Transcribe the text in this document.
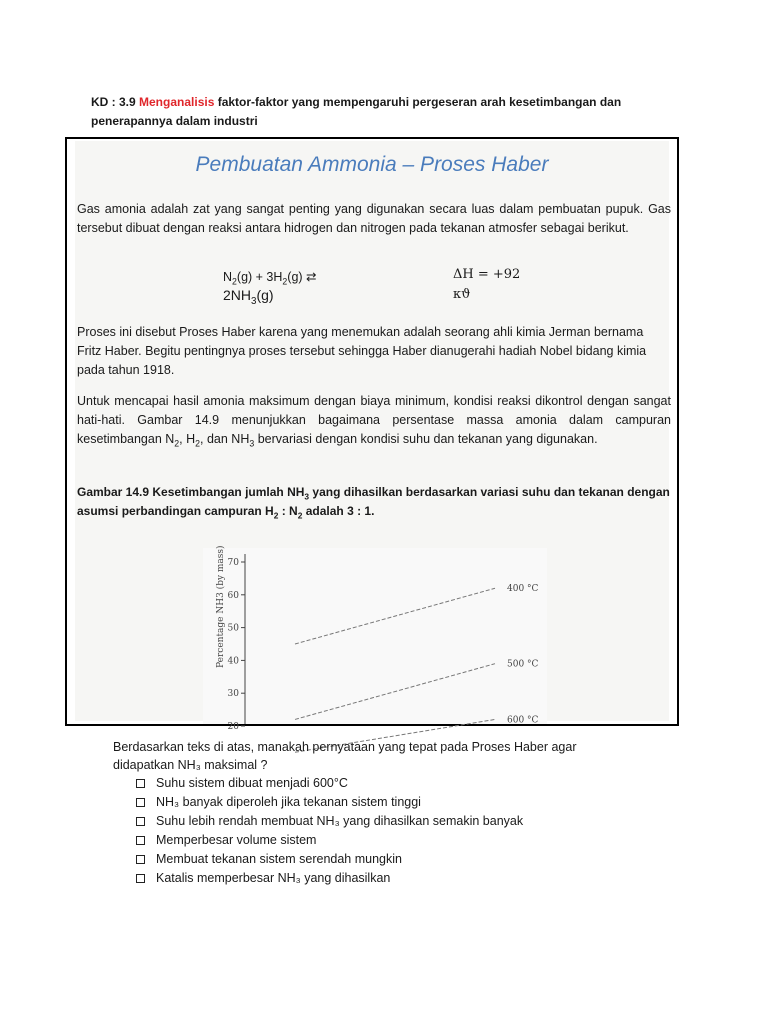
KD : 3.9 Menganalisis faktor-faktor yang mempengaruhi pergeseran arah kesetimbangan dan penerapannya dalam industri
Pembuatan Ammonia – Proses Haber
Gas amonia adalah zat yang sangat penting yang digunakan secara luas dalam pembuatan pupuk. Gas tersebut dibuat dengan reaksi antara hidrogen dan nitrogen pada tekanan atmosfer sebagai berikut.
$N_2(g) + 3H_2(g)$ ⇄
$2NH_3(g)$
ΔH = +92
κϑ
Proses ini disebut Proses Haber karena yang menemukan adalah seorang ahli kimia Jerman bernama Fritz Haber. Begitu pentingnya proses tersebut sehingga Haber dianugerahi hadiah Nobel bidang kimia pada tahun 1918.
Untuk mencapai hasil amonia maksimum dengan biaya minimum, kondisi reaksi dikontrol dengan sangat hati-hati. Gambar 14.9 menunjukkan bagaimana persentase massa amonia dalam campuran kesetimbangan $N_2$, $H_2$, dan $NH_3$ bervariasi dengan kondisi suhu dan tekanan yang digunakan.
Gambar 14.9 Kesetimbangan jumlah $NH_3$ yang dihasilkan berdasarkan variasi suhu dan tekanan dengan asumsi perbandingan campuran $H_2$ : $N_2$ adalah 3 : 1.
70
60
50
40
30
20
Percentage NH3 (by mass)	400 °C
500 °C
600 °C
Berdasarkan teks di atas, manakah pernyataan yang tepat pada Proses Haber agar didapatkan NH₃ maksimal ?
Suhu sistem dibuat menjadi 600°C
NH₃ banyak diperoleh jika tekanan sistem tinggi
Suhu lebih rendah membuat NH₃ yang dihasilkan semakin banyak
Memperbesar volume sistem
Membuat tekanan sistem serendah mungkin
Katalis memperbesar NH₃ yang dihasilkan
